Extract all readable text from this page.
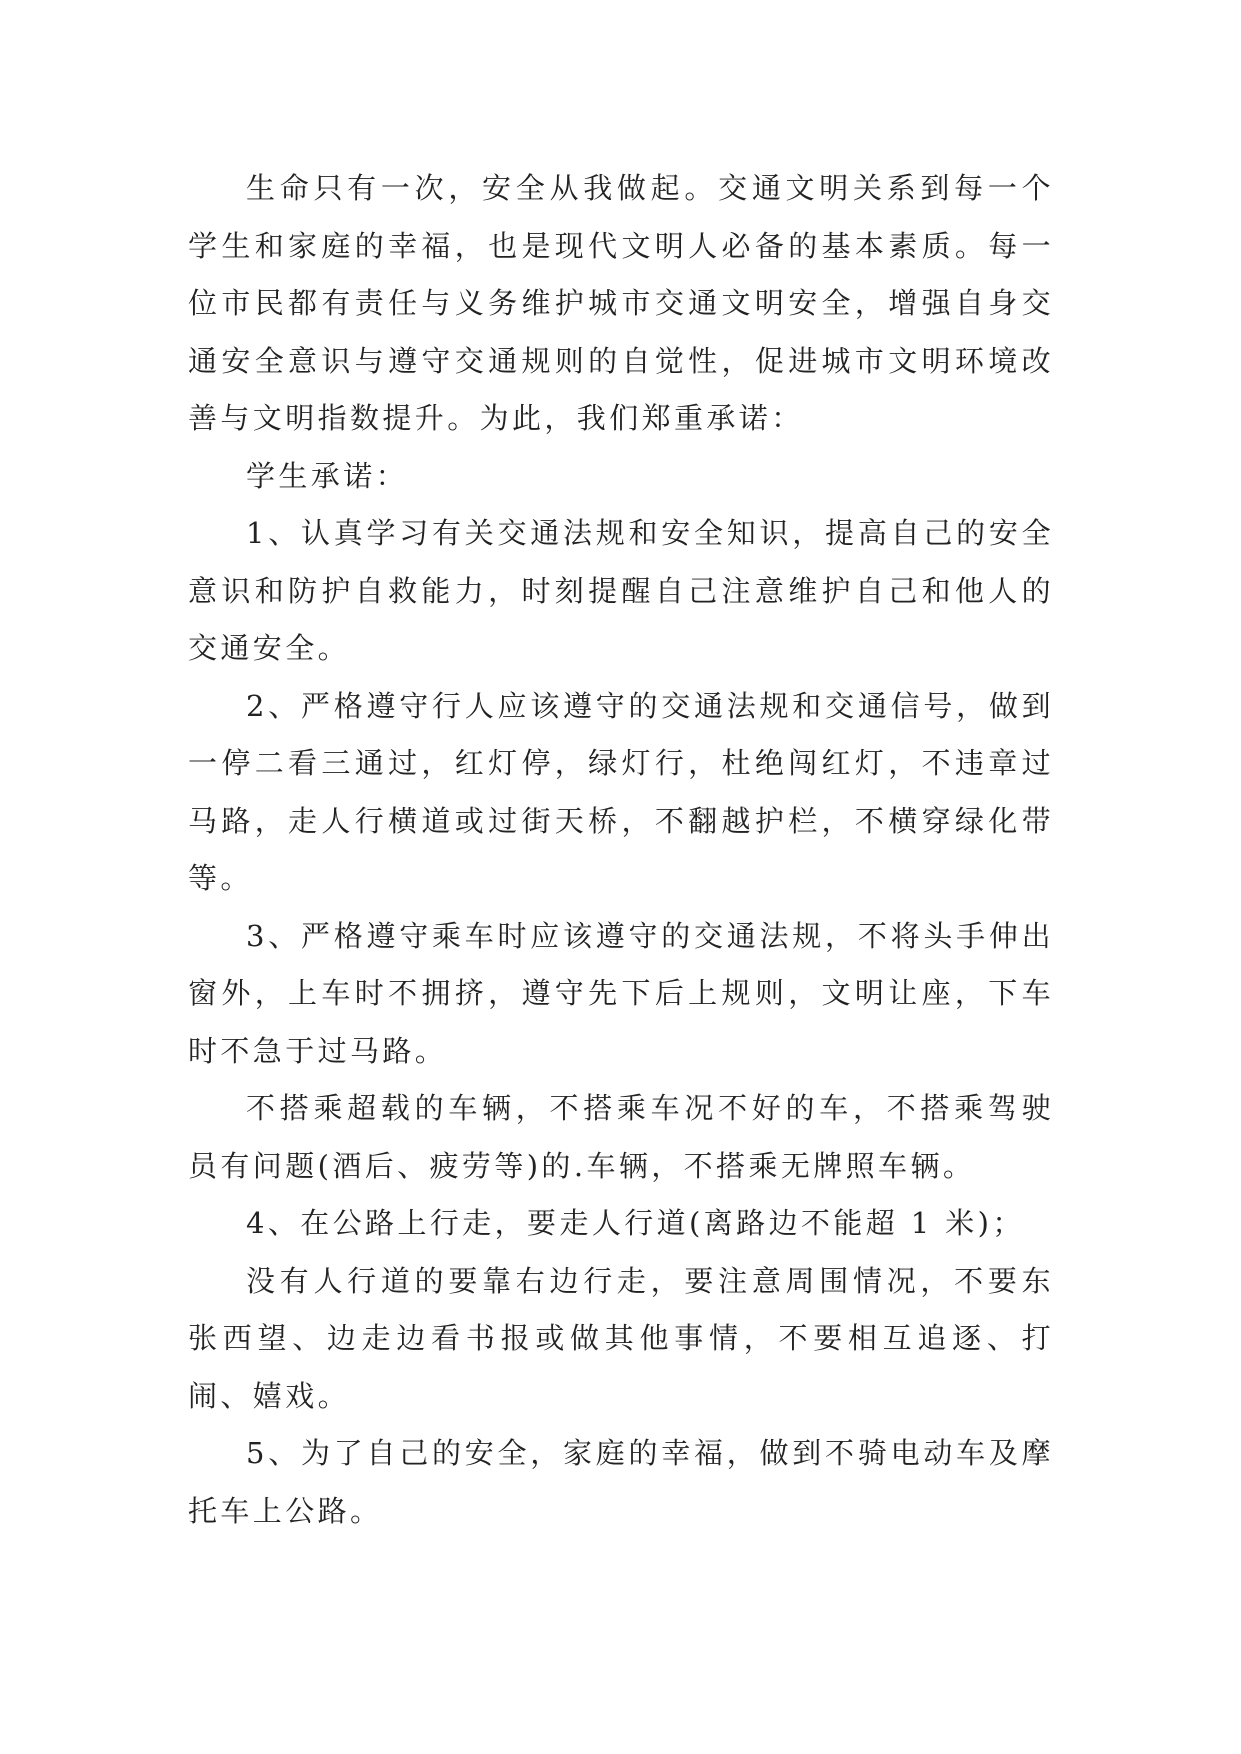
生命只有一次，安全从我做起。交通文明关系到每一个学生和家庭的幸福，也是现代文明人必备的基本素质。每一位市民都有责任与义务维护城市交通文明安全，增强自身交通安全意识与遵守交通规则的自觉性，促进城市文明环境改善与文明指数提升。为此，我们郑重承诺：

学生承诺：

1、认真学习有关交通法规和安全知识，提高自己的安全意识和防护自救能力，时刻提醒自己注意维护自己和他人的交通安全。

2、严格遵守行人应该遵守的交通法规和交通信号，做到一停二看三通过，红灯停，绿灯行，杜绝闯红灯，不违章过马路，走人行横道或过街天桥，不翻越护栏，不横穿绿化带等。

3、严格遵守乘车时应该遵守的交通法规，不将头手伸出窗外，上车时不拥挤，遵守先下后上规则，文明让座，下车时不急于过马路。

不搭乘超载的车辆，不搭乘车况不好的车，不搭乘驾驶员有问题(酒后、疲劳等)的.车辆，不搭乘无牌照车辆。

4、在公路上行走，要走人行道(离路边不能超 1 米)；

没有人行道的要靠右边行走，要注意周围情况，不要东张西望、边走边看书报或做其他事情，不要相互追逐、打闹、嬉戏。

5、为了自己的安全，家庭的幸福，做到不骑电动车及摩托车上公路。
